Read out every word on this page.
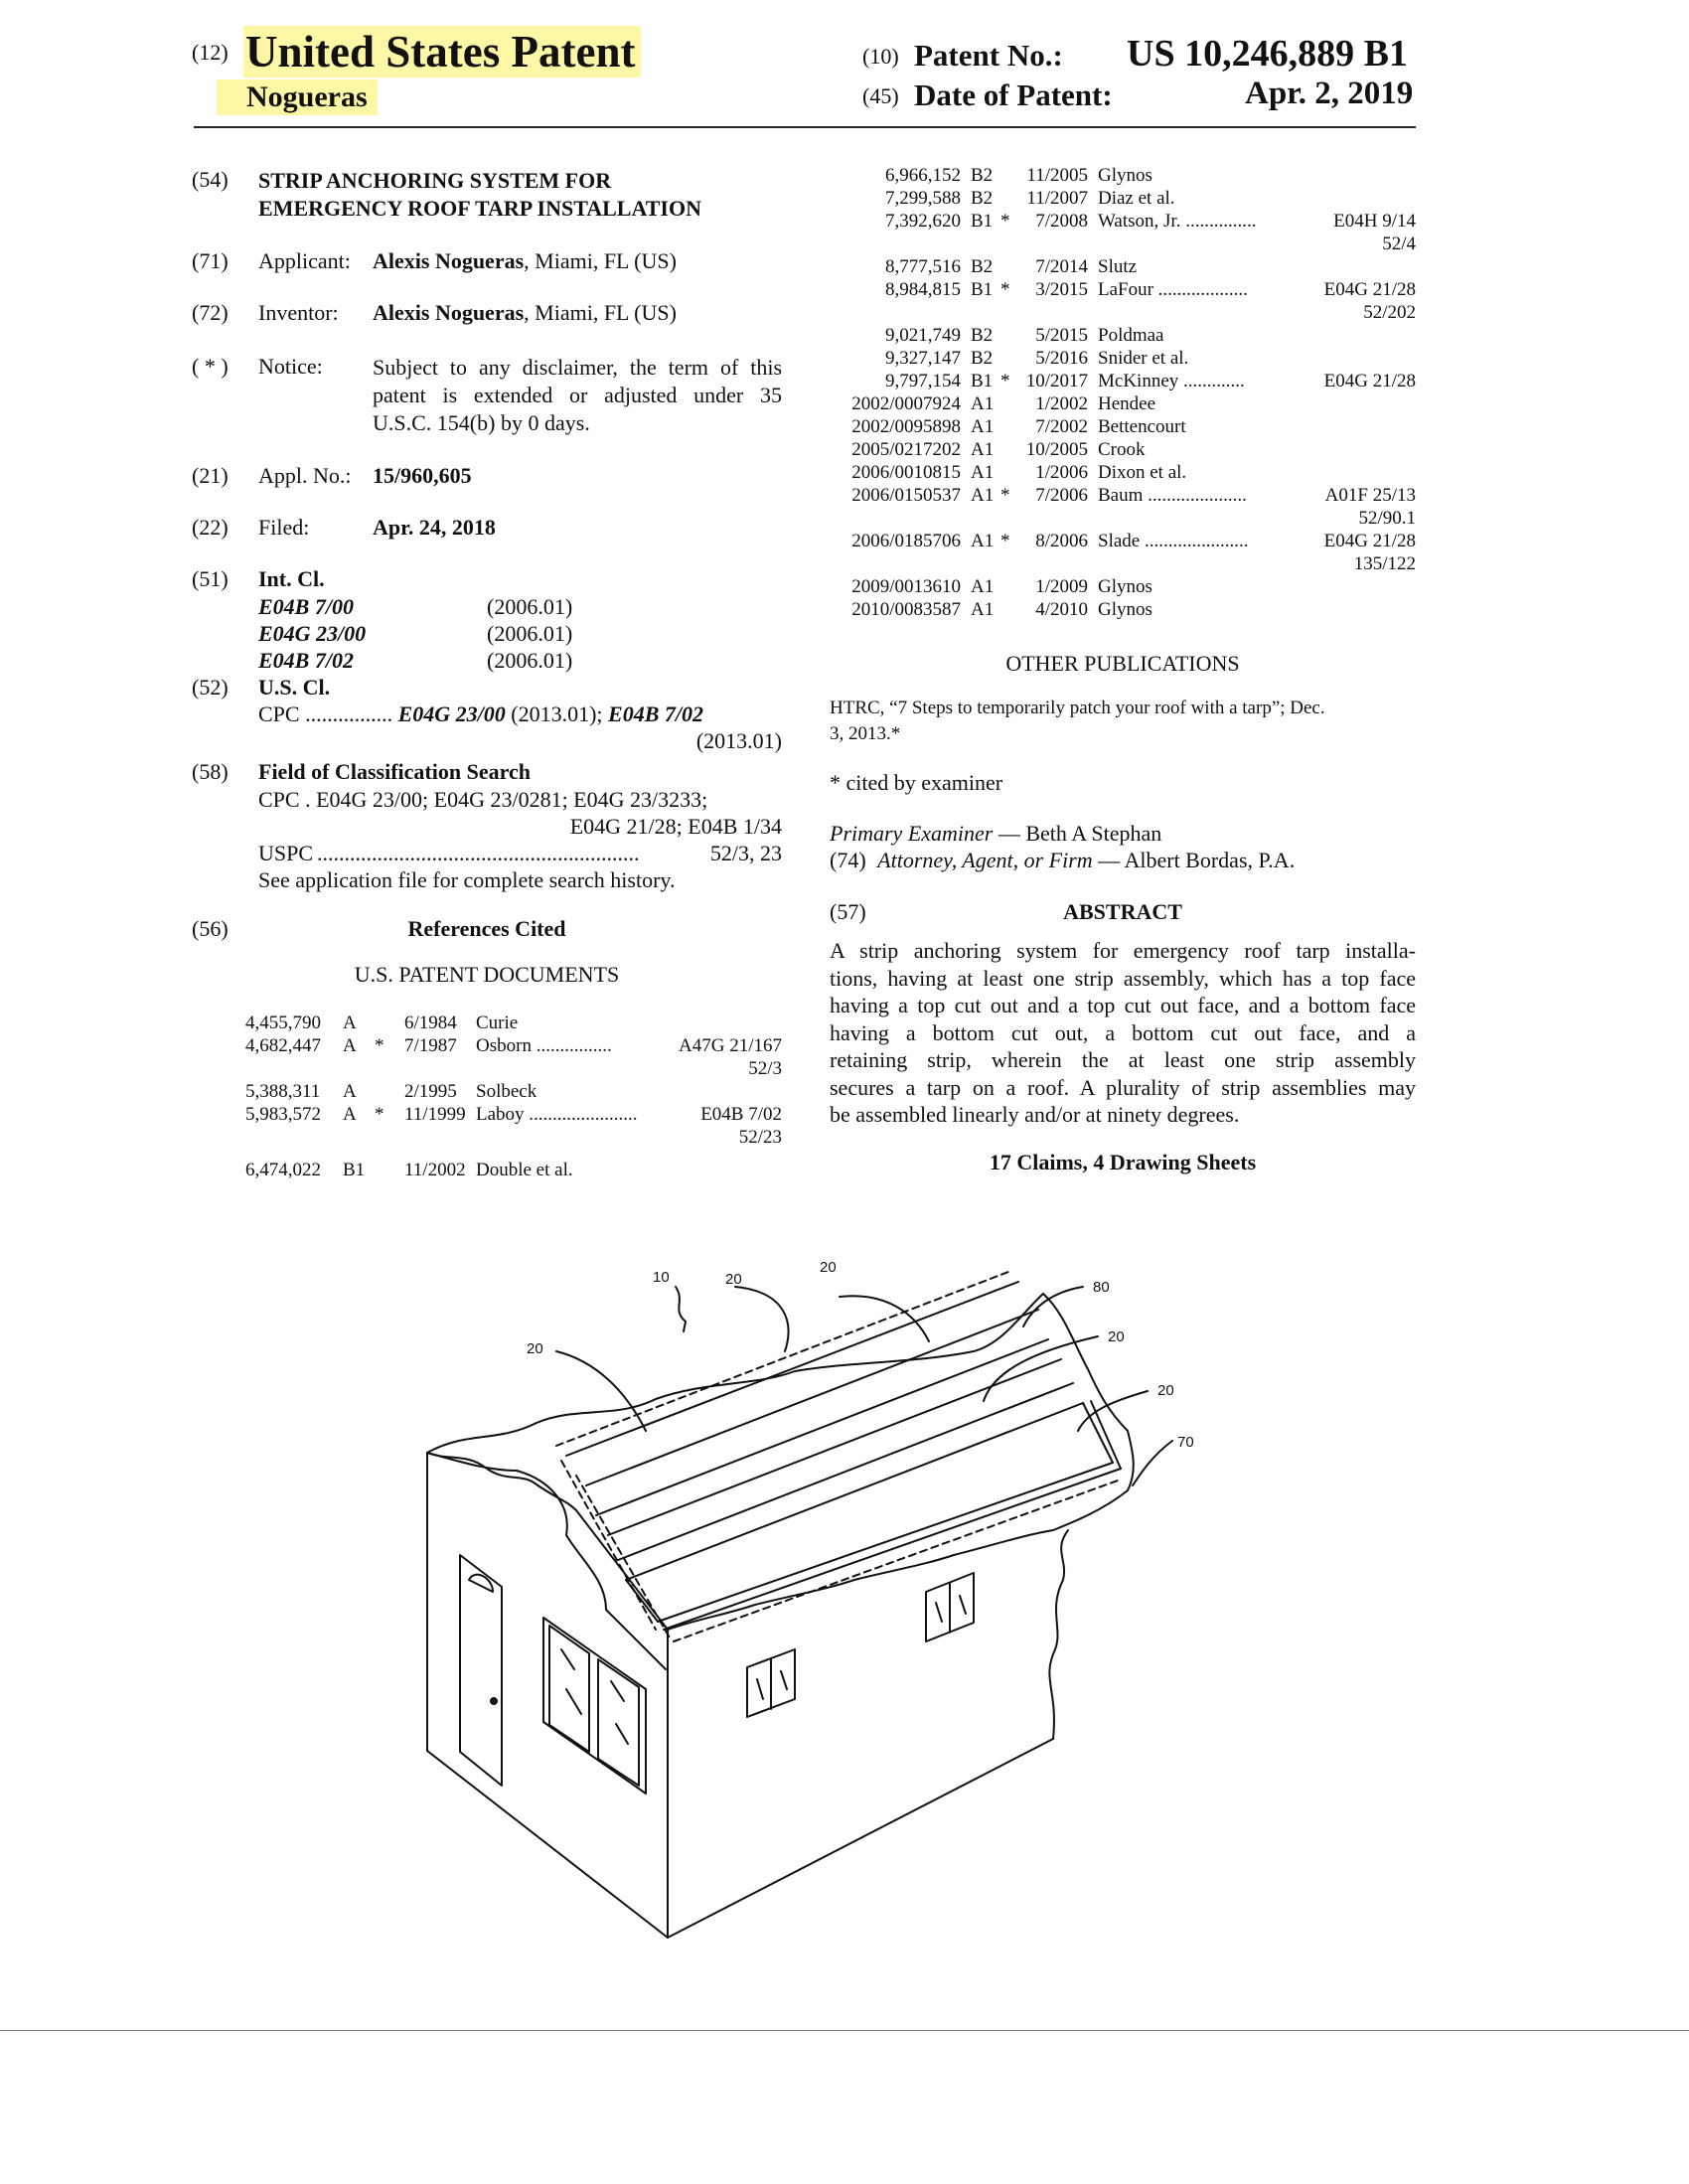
(12) United States Patent
Nogueras
(10) Patent No.: US 10,246,889 B1
(45) Date of Patent:	Apr. 2, 2019
(54) STRIP ANCHORING SYSTEM FOR
EMERGENCY ROOF TARP INSTALLATION
(71) Applicant: Alexis Nogueras, Miami, FL (US)
(72) Inventor: Alexis Nogueras, Miami, FL (US)
( * ) Notice: Subject to any disclaimer, the term of this
patent is extended or adjusted under 35
U.S.C. 154(b) by 0 days.
(21) Appl. No.: 15/960,605
(22) Filed:	Apr. 24, 2018
(51) Int. Cl.
E04B 7/00	(2006.01)
E04G 23/00	(2006.01)
E04B 7/02	(2006.01)
(52) U.S. Cl.
CPC ................ E04G 23/00 (2013.01); E04B 7/02
(2013.01)
(58) Field of Classification Search
CPC . E04G 23/00; E04G 23/0281; E04G 23/3233;
E04G 21/28; E04B 1/34
USPC ...........................................................	52/3, 23
See application file for complete search history.
(56)	References Cited
U.S. PATENT DOCUMENTS
4,455,790	A		6/1984	Curie	
4,682,447	A	*	7/1987	Osborn ................	A47G 21/167
52/3					
5,388,311	A		2/1995	Solbeck	
5,983,572	A	*	11/1999	Laboy .......................	E04B 7/02
52/23					
6,474,022	B1		11/2002	Double et al.	
6,966,152	B2		11/2005	Glynos	
7,299,588	B2		11/2007	Diaz et al.	
7,392,620	B1	*	7/2008	Watson, Jr. ...............	E04H 9/14
52/4					
8,777,516	B2		7/2014	Slutz	
8,984,815	B1	*	3/2015	LaFour ...................	E04G 21/28
52/202					
9,021,749	B2		5/2015	Poldmaa	
9,327,147	B2		5/2016	Snider et al.	
9,797,154	B1	*	10/2017	McKinney .............	E04G 21/28
2002/0007924	A1		1/2002	Hendee	
2002/0095898	A1		7/2002	Bettencourt	
2005/0217202	A1		10/2005	Crook	
2006/0010815	A1		1/2006	Dixon et al.	
2006/0150537	A1	*	7/2006	Baum .....................	A01F 25/13
52/90.1					
2006/0185706	A1	*	8/2006	Slade ......................	E04G 21/28
135/122					
2009/0013610	A1		1/2009	Glynos	
2010/0083587	A1		4/2010	Glynos	
OTHER PUBLICATIONS
HTRC, “7 Steps to temporarily patch your roof with a tarp”; Dec.
3, 2013.*
* cited by examiner
Primary Examiner — Beth A Stephan
(74) Attorney, Agent, or Firm — Albert Bordas, P.A.
(57)	ABSTRACT
A strip anchoring system for emergency roof tarp installa-
tions, having at least one strip assembly, which has a top face
having a top cut out and a top cut out face, and a bottom face
having a bottom cut out, a bottom cut out face, and a
retaining strip, wherein the at least one strip assembly
secures a tarp on a roof. A plurality of strip assemblies may
be assembled linearly and/or at ninety degrees.
17 Claims, 4 Drawing Sheets
10	20
20
20
80
20
20
70
